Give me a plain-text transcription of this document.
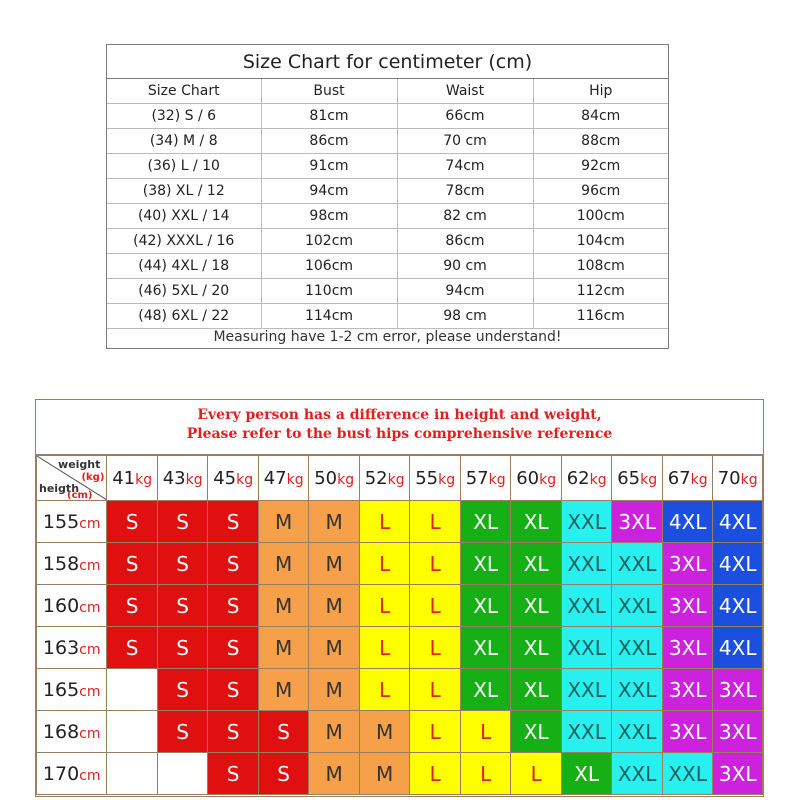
Size Chart for centimeter (cm)
Size Chart	Bust	Waist	Hip
(32) S / 6	81cm	66cm	84cm
(34) M / 8	86cm	70 cm	88cm
(36) L / 10	91cm	74cm	92cm
(38) XL / 12	94cm	78cm	96cm
(40) XXL / 14	98cm	82 cm	100cm
(42) XXXL / 16	102cm	86cm	104cm
(44) 4XL / 18	106cm	90 cm	108cm
(46) 5XL / 20	110cm	94cm	112cm
(48) 6XL / 22	114cm	98 cm	116cm
Measuring have 1-2 cm error, please understand!
Every person has a difference in height and weight,
Please refer to the bust hips comprehensive reference
weight
(kg)
heigth
(cm)	41kg	43kg	45kg	47kg	50kg	52kg	55kg	57kg	60kg	62kg	65kg	67kg	70kg
155cm	S	S	S	M	M	L	L	XL	XL	XXL	3XL	4XL	4XL
158cm	S	S	S	M	M	L	L	XL	XL	XXL	XXL	3XL	4XL
160cm	S	S	S	M	M	L	L	XL	XL	XXL	XXL	3XL	4XL
163cm	S	S	S	M	M	L	L	XL	XL	XXL	XXL	3XL	4XL
165cm		S	S	M	M	L	L	XL	XL	XXL	XXL	3XL	3XL
168cm		S	S	S	M	M	L	L	XL	XXL	XXL	3XL	3XL
170cm			S	S	M	M	L	L	L	XL	XXL	XXL	3XL
